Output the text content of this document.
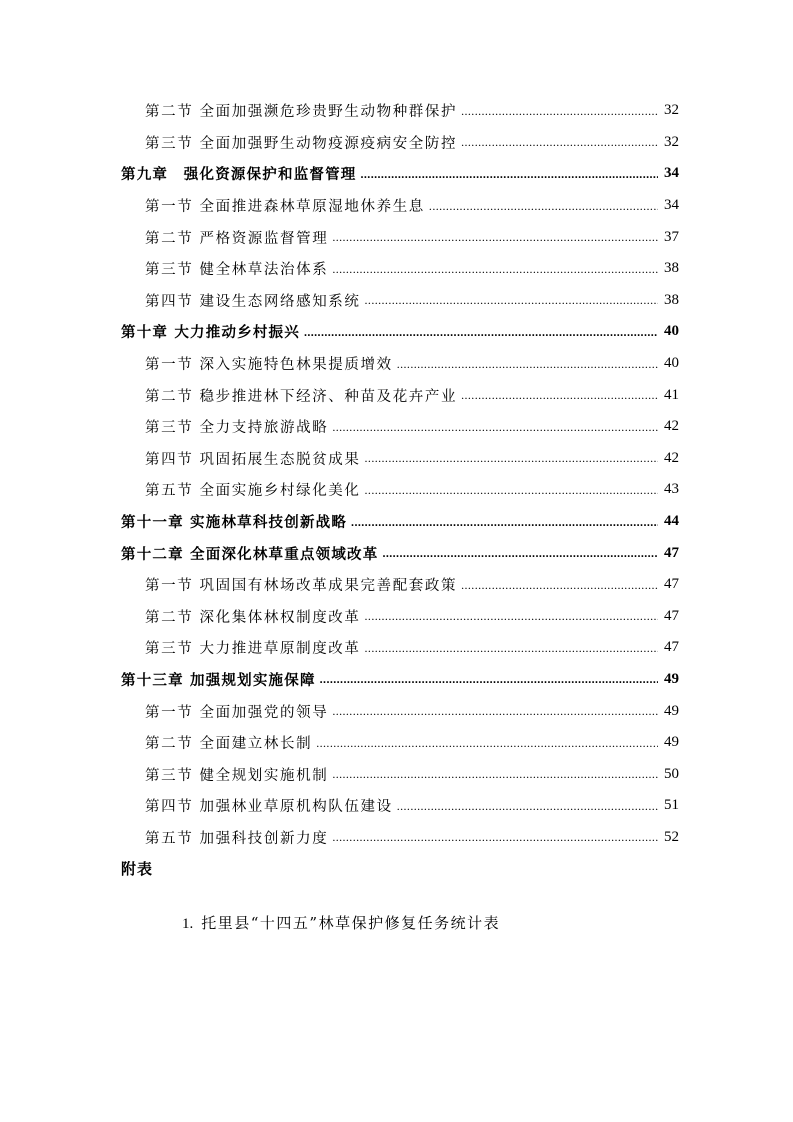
第二节 全面加强濒危珍贵野生动物种群保护 .....	32
第三节 全面加强野生动物疫源疫病安全防控 .....	32
第九章　强化资源保护和监督管理 .....	34
第一节 全面推进森林草原湿地休养生息 .....	34
第二节 严格资源监督管理 .....	37
第三节 健全林草法治体系 .....	38
第四节 建设生态网络感知系统 .....	38
第十章 大力推动乡村振兴 .....	40
第一节 深入实施特色林果提质增效 .....	40
第二节 稳步推进林下经济、种苗及花卉产业 .....	41
第三节 全力支持旅游战略 .....	42
第四节 巩固拓展生态脱贫成果 .....	42
第五节 全面实施乡村绿化美化 .....	43
第十一章 实施林草科技创新战略 .....	44
第十二章 全面深化林草重点领域改革 .....	47
第一节 巩固国有林场改革成果完善配套政策 .....	47
第二节 深化集体林权制度改革 .....	47
第三节 大力推进草原制度改革 .....	47
第十三章 加强规划实施保障 .....	49
第一节 全面加强党的领导 .....	49
第二节 全面建立林长制 .....	49
第三节 健全规划实施机制 .....	50
第四节 加强林业草原机构队伍建设 .....	51
第五节 加强科技创新力度 .....	52
附表
1. 托里县“十四五”林草保护修复任务统计表
